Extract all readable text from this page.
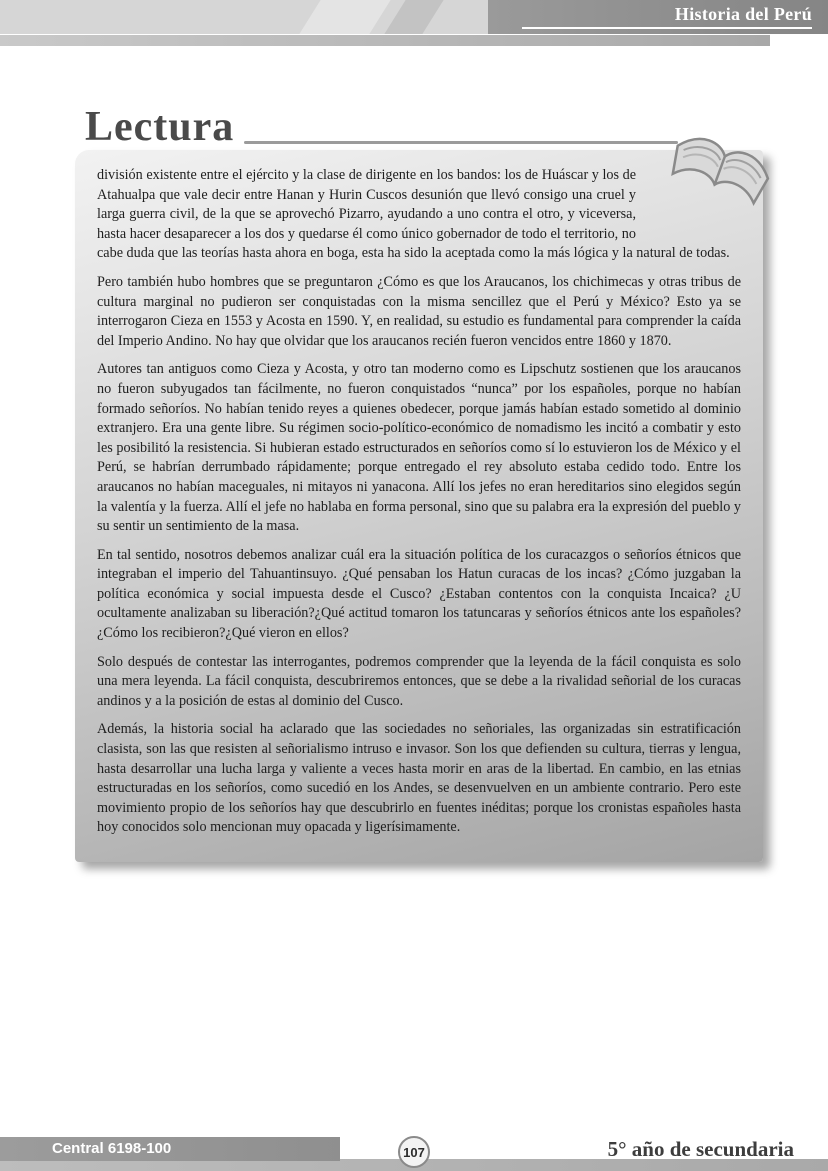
Historia del Perú
Lectura

división existente entre el ejército y la clase de dirigente en los bandos: los de Huáscar y los de Atahualpa que vale decir entre Hanan y Hurin Cuscos desunión que llevó consigo una cruel y larga guerra civil, de la que se aprovechó Pizarro, ayudando a uno contra el otro, y viceversa, hasta hacer desaparecer a los dos y quedarse él como único gobernador de todo el territorio, no cabe duda que las teorías hasta ahora en boga, esta ha sido la aceptada como la más lógica y la natural de todas.

Pero también hubo hombres que se preguntaron ¿Cómo es que los Araucanos, los chichimecas y otras tribus de cultura marginal no pudieron ser conquistadas con la misma sencillez que el Perú y México? Esto ya se interrogaron Cieza en 1553 y Acosta en 1590. Y, en realidad, su estudio es fundamental para comprender la caída del Imperio Andino. No hay que olvidar que los araucanos recién fueron vencidos entre 1860 y 1870.

Autores tan antiguos como Cieza y Acosta, y otro tan moderno como es Lipschutz sostienen que los araucanos no fueron subyugados tan fácilmente, no fueron conquistados “nunca” por los españoles, porque no habían formado señoríos. No habían tenido reyes a quienes obedecer, porque jamás habían estado sometido al dominio extranjero. Era una gente libre. Su régimen socio-político-económico de nomadismo les incitó a combatir y esto les posibilitó la resistencia. Si hubieran estado estructurados en señoríos como sí lo estuvieron los de México y el Perú, se habrían derrumbado rápidamente; porque entregado el rey absoluto estaba cedido todo. Entre los araucanos no habían maceguales, ni mitayos ni yanacona. Allí los jefes no eran hereditarios sino elegidos según la valentía y la fuerza. Allí el jefe no hablaba en forma personal, sino que su palabra era la expresión del pueblo y su sentir un sentimiento de la masa.

En tal sentido, nosotros debemos analizar cuál era la situación política de los curacazgos o señoríos étnicos que integraban el imperio del Tahuantinsuyo. ¿Qué pensaban los Hatun curacas de los incas? ¿Cómo juzgaban la política económica y social impuesta desde el Cusco? ¿Estaban contentos con la conquista Incaica? ¿U ocultamente analizaban su liberación?¿Qué actitud tomaron los tatuncaras y señoríos étnicos ante los españoles?¿Cómo los recibieron?¿Qué vieron en ellos?

Solo después de contestar las interrogantes, podremos comprender que la leyenda de la fácil conquista es solo una mera leyenda. La fácil conquista, descubriremos entonces, que se debe a la rivalidad señorial de los curacas andinos y a la posición de estas al dominio del Cusco.

Además, la historia social ha aclarado que las sociedades no señoriales, las organizadas sin estratificación clasista, son las que resisten al señorialismo intruso e invasor. Son los que defienden su cultura, tierras y lengua, hasta desarrollar una lucha larga y valiente a veces hasta morir en aras de la libertad. En cambio, en las etnias estructuradas en los señoríos, como sucedió en los Andes, se desenvuelven en un ambiente contrario. Pero este movimiento propio de los señoríos hay que descubrirlo en fuentes inéditas; porque los cronistas españoles hasta hoy conocidos solo mencionan muy opacada y ligerísimamente.

Central 6198-100	107	5° año de secundaria
